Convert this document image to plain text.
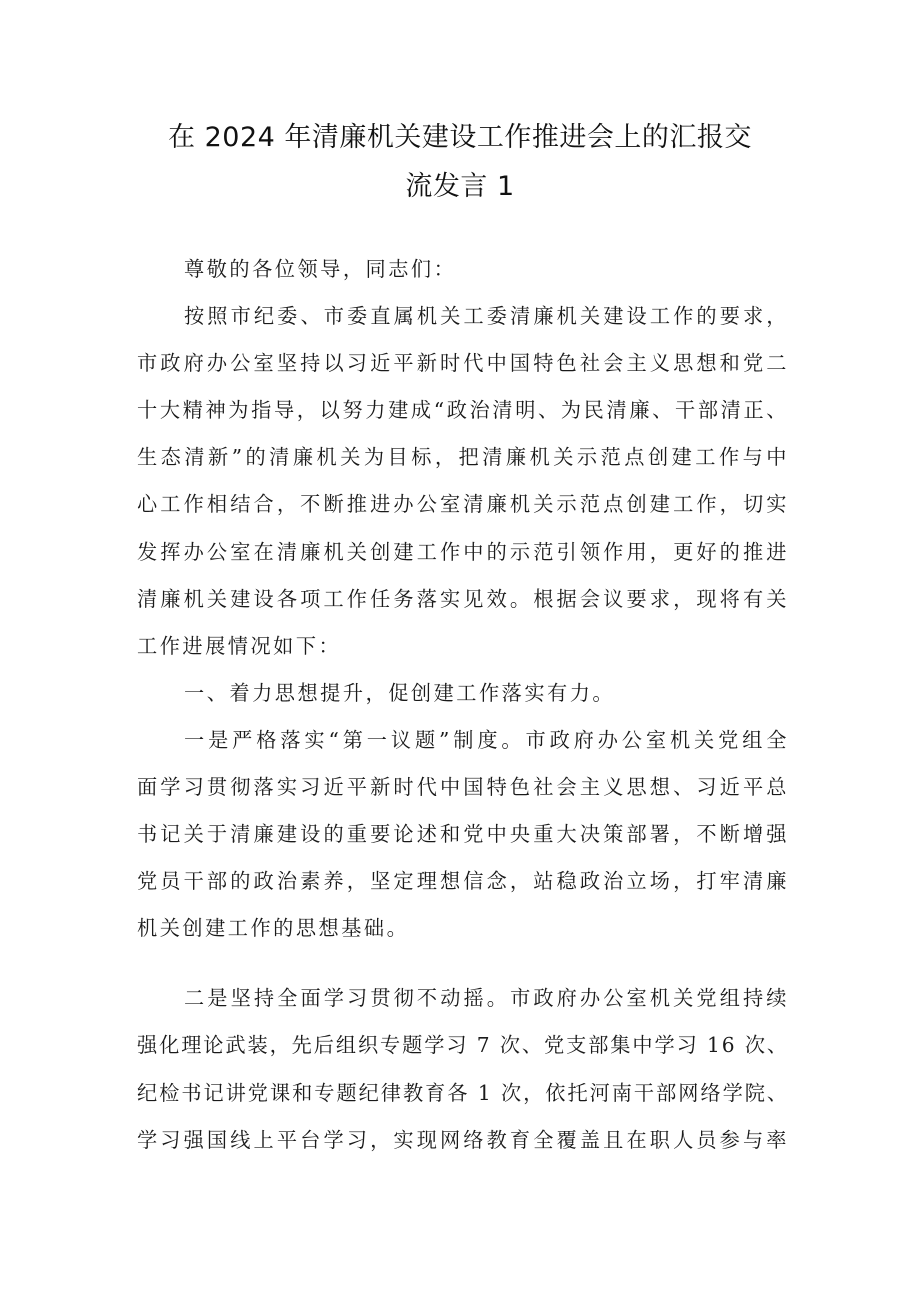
在 2024 年清廉机关建设工作推进会上的汇报交
流发言 1
尊敬的各位领导，同志们：
按照市纪委、市委直属机关工委清廉机关建设工作的要求，
市政府办公室坚持以习近平新时代中国特色社会主义思想和党二
十大精神为指导，以努力建成“政治清明、为民清廉、干部清正、
生态清新”的清廉机关为目标，把清廉机关示范点创建工作与中
心工作相结合，不断推进办公室清廉机关示范点创建工作，切实
发挥办公室在清廉机关创建工作中的示范引领作用，更好的推进
清廉机关建设各项工作任务落实见效。根据会议要求，现将有关
工作进展情况如下：
一、着力思想提升，促创建工作落实有力。
一是严格落实“第一议题”制度。市政府办公室机关党组全
面学习贯彻落实习近平新时代中国特色社会主义思想、习近平总
书记关于清廉建设的重要论述和党中央重大决策部署，不断增强
党员干部的政治素养，坚定理想信念，站稳政治立场，打牢清廉
机关创建工作的思想基础。
二是坚持全面学习贯彻不动摇。市政府办公室机关党组持续
强化理论武装，先后组织专题学习 7 次、党支部集中学习 16 次、
纪检书记讲党课和专题纪律教育各 1 次，依托河南干部网络学院、
学习强国线上平台学习，实现网络教育全覆盖且在职人员参与率
